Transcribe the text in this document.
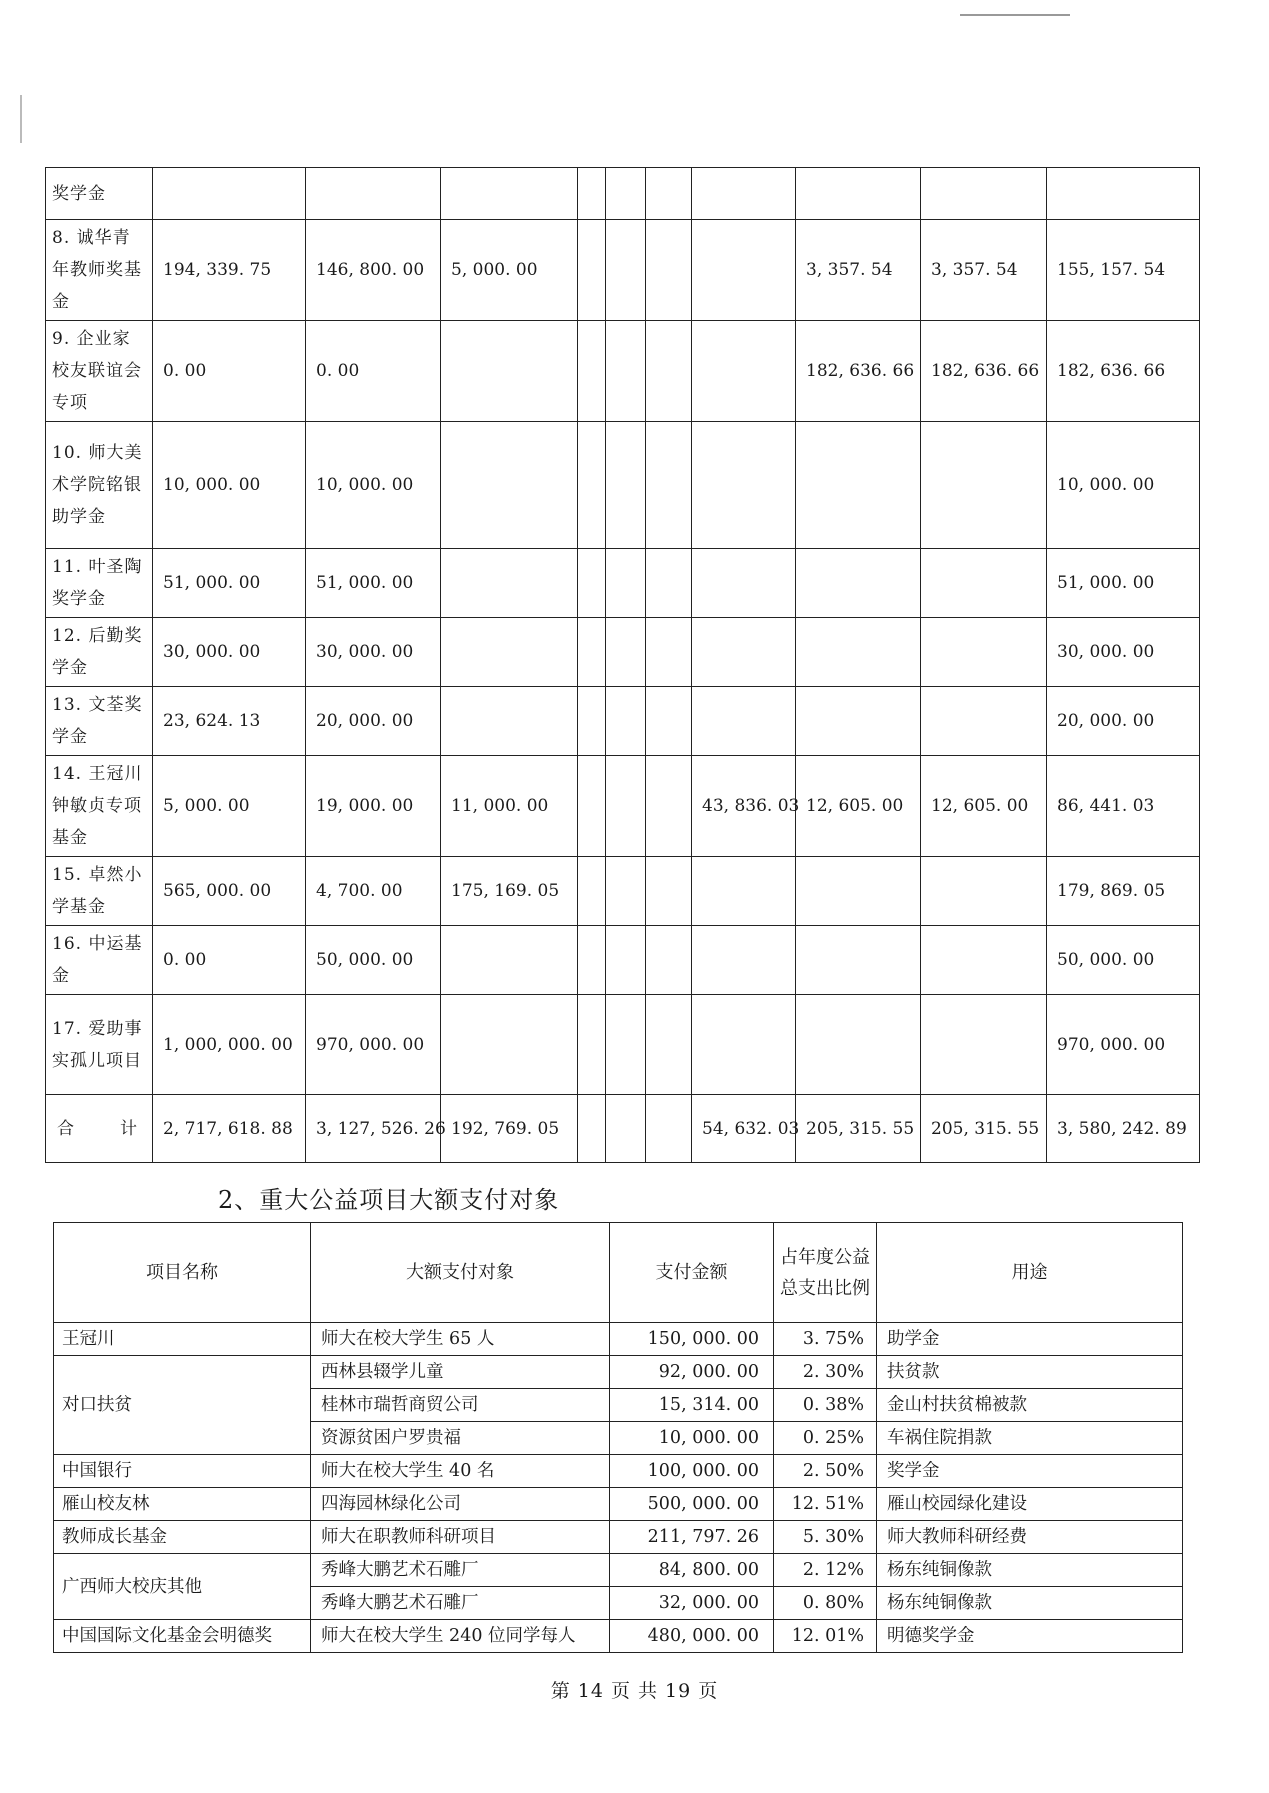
奖学金										
8. 诚华青年教师奖基金	194, 339. 75	146, 800. 00	5, 000. 00					3, 357. 54	3, 357. 54	155, 157. 54
9. 企业家校友联谊会专项	0. 00	0. 00						182, 636. 66	182, 636. 66	182, 636. 66
10. 师大美术学院铭银助学金	10, 000. 00	10, 000. 00								10, 000. 00
11. 叶圣陶奖学金	51, 000. 00	51, 000. 00								51, 000. 00
12. 后勤奖学金	30, 000. 00	30, 000. 00								30, 000. 00
13. 文荃奖学金	23, 624. 13	20, 000. 00								20, 000. 00
14. 王冠川钟敏贞专项基金	5, 000. 00	19, 000. 00	11, 000. 00				43, 836. 03	12, 605. 00	12, 605. 00	86, 441. 03
15. 卓然小学基金	565, 000. 00	4, 700. 00	175, 169. 05							179, 869. 05
16. 中运基金	0. 00	50, 000. 00								50, 000. 00
17. 爱助事实孤儿项目	1, 000, 000. 00	970, 000. 00								970, 000. 00
合　　计	2, 717, 618. 88	3, 127, 526. 26	192, 769. 05				54, 632. 03	205, 315. 55	205, 315. 55	3, 580, 242. 89
2、重大公益项目大额支付对象
项目名称	大额支付对象	支付金额	占年度公益总支出比例	用途
王冠川	师大在校大学生 65 人	150, 000. 00	3. 75%	助学金
对口扶贫	西林县辍学儿童	92, 000. 00	2. 30%	扶贫款
	桂林市瑞哲商贸公司	15, 314. 00	0. 38%	金山村扶贫棉被款
	资源贫困户罗贵福	10, 000. 00	0. 25%	车祸住院捐款
中国银行	师大在校大学生 40 名	100, 000. 00	2. 50%	奖学金
雁山校友林	四海园林绿化公司	500, 000. 00	12. 51%	雁山校园绿化建设
教师成长基金	师大在职教师科研项目	211, 797. 26	5. 30%	师大教师科研经费
广西师大校庆其他	秀峰大鹏艺术石雕厂	84, 800. 00	2. 12%	杨东纯铜像款
	秀峰大鹏艺术石雕厂	32, 000. 00	0. 80%	杨东纯铜像款
中国国际文化基金会明德奖	师大在校大学生 240 位同学每人	480, 000. 00	12. 01%	明德奖学金
第 14 页 共 19 页
